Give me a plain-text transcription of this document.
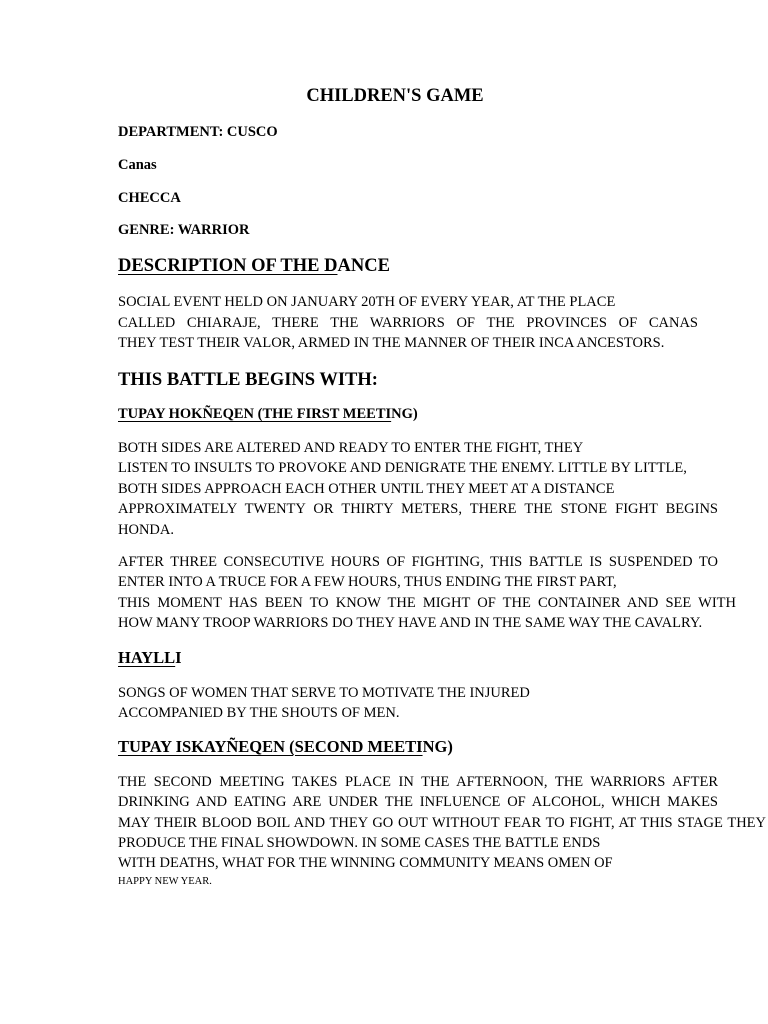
CHILDREN'S GAME

DEPARTMENT: CUSCO

Canas

CHECCA

GENRE: WARRIOR

DESCRIPTION OF THE DANCE

SOCIAL EVENT HELD ON JANUARY 20TH OF EVERY YEAR, AT THE PLACE

CALLED CHIARAJE, THERE THE WARRIORS OF THE PROVINCES OF CANAS

THEY TEST THEIR VALOR, ARMED IN THE MANNER OF THEIR INCA ANCESTORS.

THIS BATTLE BEGINS WITH:
TUPAY HOKÑEQEN (THE FIRST MEETING)

BOTH SIDES ARE ALTERED AND READY TO ENTER THE FIGHT, THEY

LISTEN TO INSULTS TO PROVOKE AND DENIGRATE THE ENEMY. LITTLE BY LITTLE,

BOTH SIDES APPROACH EACH OTHER UNTIL THEY MEET AT A DISTANCE

APPROXIMATELY TWENTY OR THIRTY METERS, THERE THE STONE FIGHT BEGINS

HONDA.

AFTER THREE CONSECUTIVE HOURS OF FIGHTING, THIS BATTLE IS SUSPENDED TO

ENTER INTO A TRUCE FOR A FEW HOURS, THUS ENDING THE FIRST PART,

THIS MOMENT HAS BEEN TO KNOW THE MIGHT OF THE CONTAINER AND SEE WITH

HOW MANY TROOP WARRIORS DO THEY HAVE AND IN THE SAME WAY THE CAVALRY.

HAYLLI

SONGS OF WOMEN THAT SERVE TO MOTIVATE THE INJURED

ACCOMPANIED BY THE SHOUTS OF MEN.

TUPAY ISKAYÑEQEN (SECOND MEETING)

THE SECOND MEETING TAKES PLACE IN THE AFTERNOON, THE WARRIORS AFTER

DRINKING AND EATING ARE UNDER THE INFLUENCE OF ALCOHOL, WHICH MAKES

MAY THEIR BLOOD BOIL AND THEY GO OUT WITHOUT FEAR TO FIGHT, AT THIS STAGE THEY

PRODUCE THE FINAL SHOWDOWN. IN SOME CASES THE BATTLE ENDS

WITH DEATHS, WHAT FOR THE WINNING COMMUNITY MEANS OMEN OF

HAPPY NEW YEAR.
